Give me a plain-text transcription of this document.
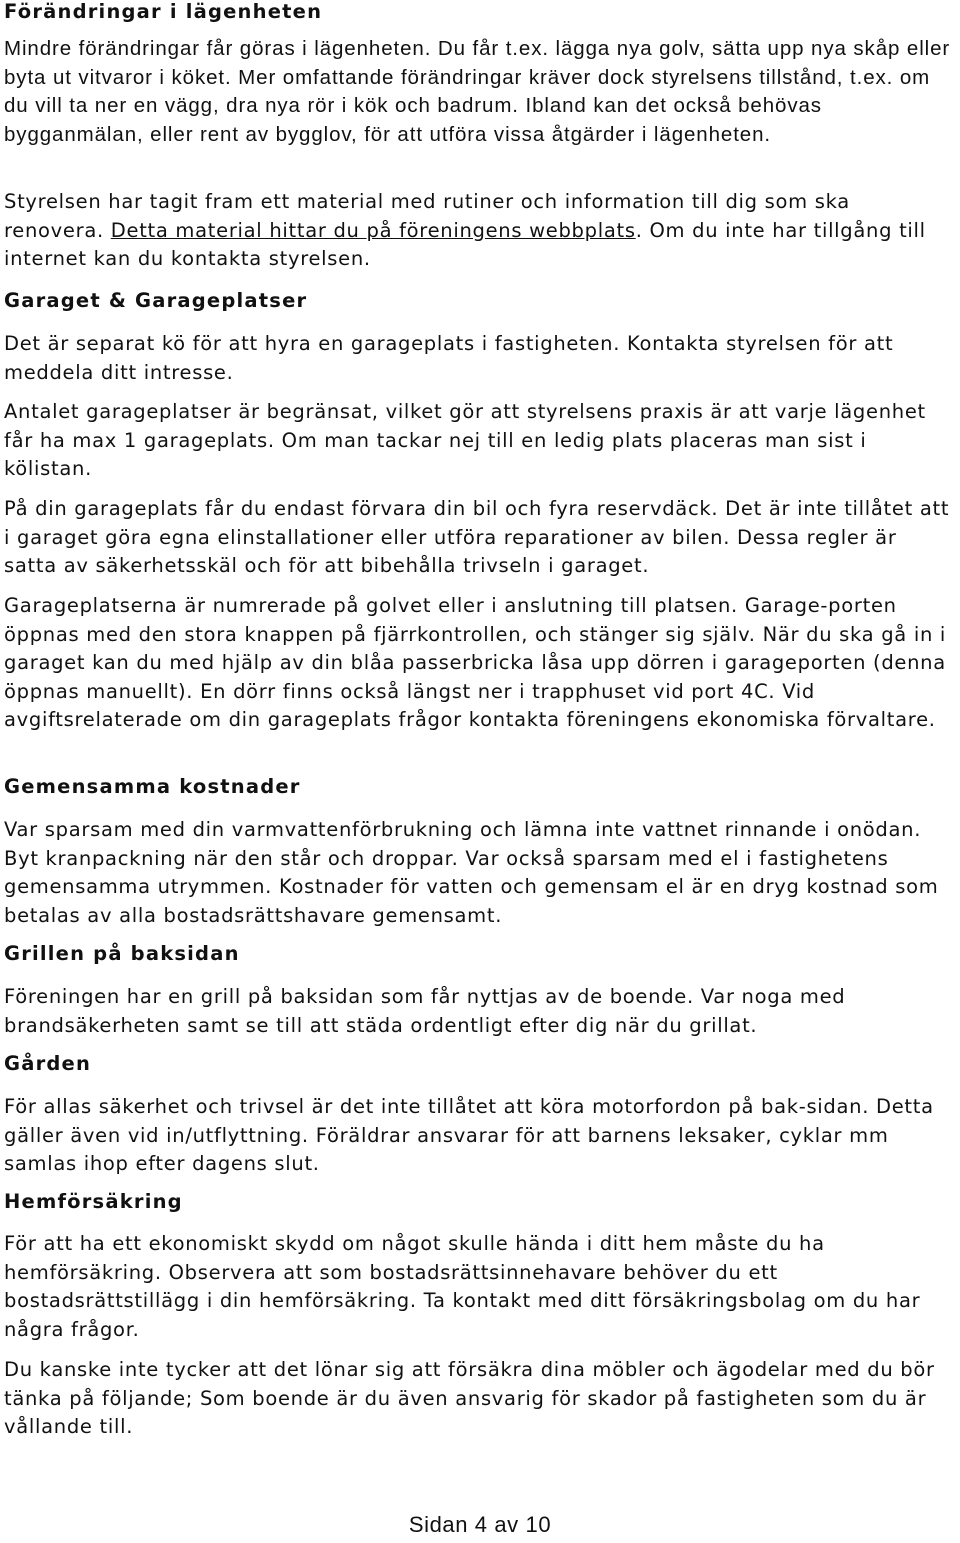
Förändringar i lägenheten

Mindre förändringar får göras i lägenheten. Du får t.ex. lägga nya golv, sätta upp nya skåp eller byta ut vitvaror i köket. Mer omfattande förändringar kräver dock styrelsens tillstånd, t.ex. om du vill ta ner en vägg, dra nya rör i kök och badrum. Ibland kan det också behövas bygganmälan, eller rent av bygglov, för att utföra vissa åtgärder i lägenheten.

Styrelsen har tagit fram ett material med rutiner och information till dig som ska renovera. Detta material hittar du på föreningens webbplats. Om du inte har tillgång till internet kan du kontakta styrelsen.

Garaget & Garageplatser

Det är separat kö för att hyra en garageplats i fastigheten. Kontakta styrelsen för att meddela ditt intresse.

Antalet garageplatser är begränsat, vilket gör att styrelsens praxis är att varje lägenhet får ha max 1 garageplats. Om man tackar nej till en ledig plats placeras man sist i kölistan.

På din garageplats får du endast förvara din bil och fyra reservdäck. Det är inte tillåtet att i garaget göra egna elinstallationer eller utföra reparationer av bilen. Dessa regler är satta av säkerhetsskäl och för att bibehålla trivseln i garaget.

Garageplatserna är numrerade på golvet eller i anslutning till platsen. Garage-porten öppnas med den stora knappen på fjärrkontrollen, och stänger sig själv. När du ska gå in i garaget kan du med hjälp av din blåa passerbricka låsa upp dörren i garageporten (denna öppnas manuellt). En dörr finns också längst ner i trapphuset vid port 4C. Vid avgiftsrelaterade om din garageplats frågor kontakta föreningens ekonomiska förvaltare.

Gemensamma kostnader

Var sparsam med din varmvattenförbrukning och lämna inte vattnet rinnande i onödan. Byt kranpackning när den står och droppar. Var också sparsam med el i fastighetens gemensamma utrymmen. Kostnader för vatten och gemensam el är en dryg kostnad som betalas av alla bostadsrättshavare gemensamt.

Grillen på baksidan

Föreningen har en grill på baksidan som får nyttjas av de boende. Var noga med brandsäkerheten samt se till att städa ordentligt efter dig när du grillat.

Gården

För allas säkerhet och trivsel är det inte tillåtet att köra motorfordon på bak-sidan. Detta gäller även vid in/utflyttning. Föräldrar ansvarar för att barnens leksaker, cyklar mm samlas ihop efter dagens slut.

Hemförsäkring

För att ha ett ekonomiskt skydd om något skulle hända i ditt hem måste du ha hemförsäkring. Observera att som bostadsrättsinnehavare behöver du ett bostadsrättstillägg i din hemförsäkring. Ta kontakt med ditt försäkringsbolag om du har några frågor.

Du kanske inte tycker att det lönar sig att försäkra dina möbler och ägodelar med du bör tänka på följande; Som boende är du även ansvarig för skador på fastigheten som du är vållande till.

Sidan 4 av 10
